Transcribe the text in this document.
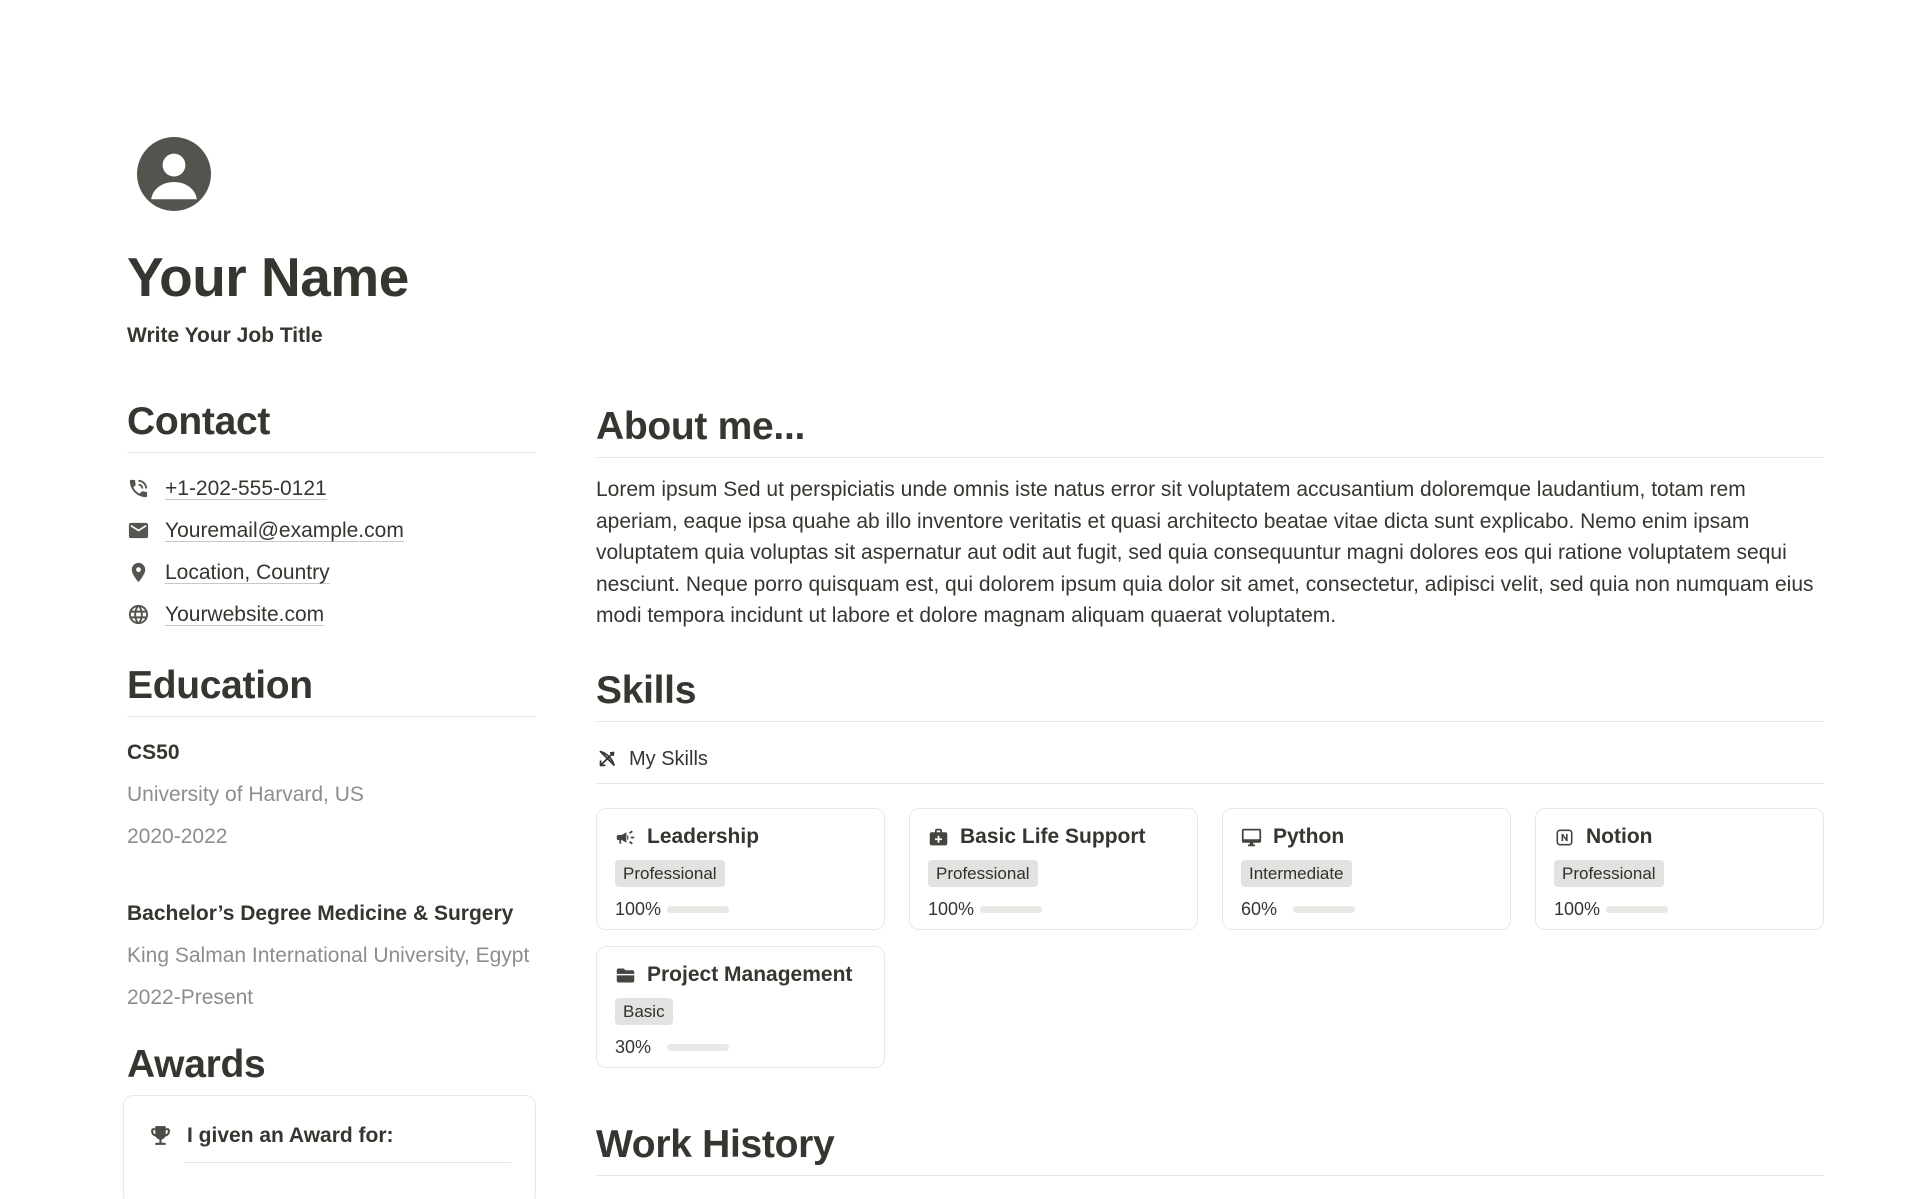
Your Name
Write Your Job Title
Contact
+1-202-555-0121
Youremail@example.com
Location, Country
Yourwebsite.com
Education
CS50
University of Harvard, US
2020-2022
Bachelor’s Degree Medicine & Surgery
King Salman International University, Egypt
2022-Present
Awards
I given an Award for:
About me...
Lorem ipsum Sed ut perspiciatis unde omnis iste natus error sit voluptatem accusantium doloremque laudantium, totam rem aperiam, eaque ipsa quahe ab illo inventore veritatis et quasi architecto beatae vitae dicta sunt explicabo. Nemo enim ipsam voluptatem quia voluptas sit aspernatur aut odit aut fugit, sed quia consequuntur magni dolores eos qui ratione voluptatem sequi nesciunt. Neque porro quisquam est, qui dolorem ipsum quia dolor sit amet, consectetur, adipisci velit, sed quia non numquam eius modi tempora incidunt ut labore et dolore magnam aliquam quaerat voluptatem.
Skills
My Skills
Leadership
Professional
100%
Basic Life Support
Professional
100%
Python
Intermediate
60%
Notion
Professional
100%
Project Management
Basic
30%
Work History
